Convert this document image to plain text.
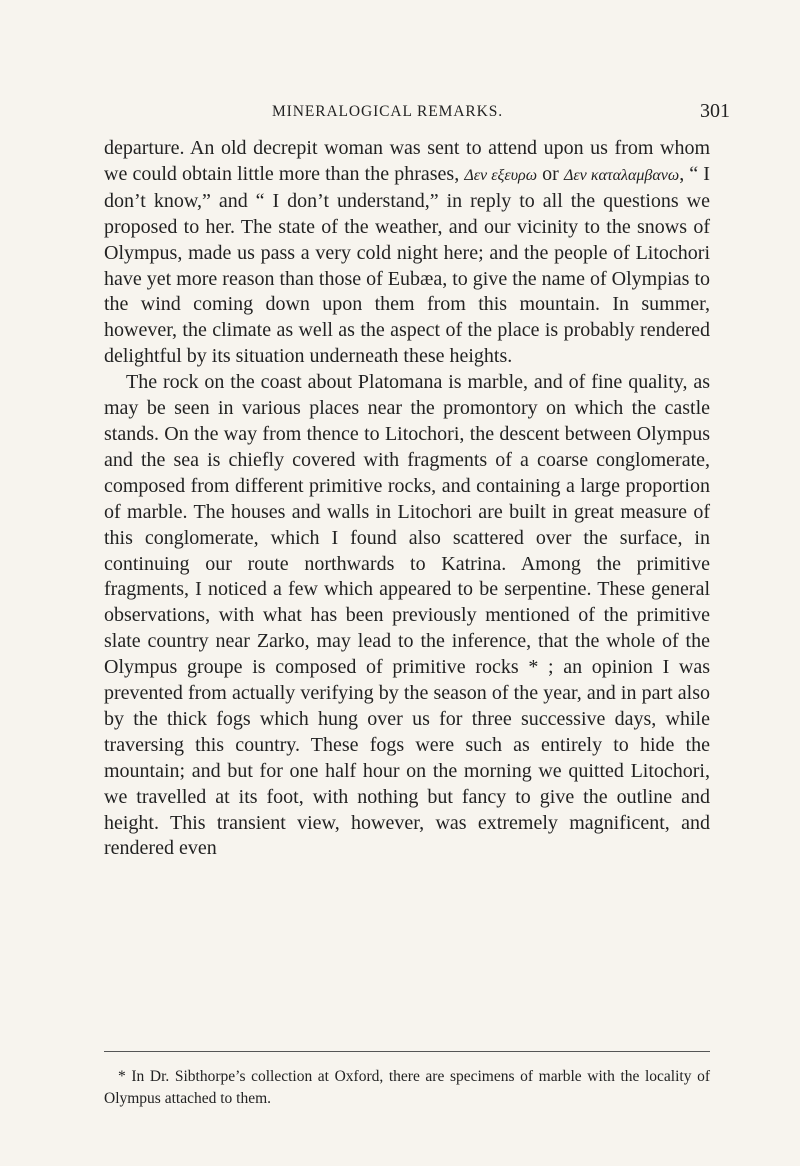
MINERALOGICAL REMARKS.	301
departure. An old decrepit woman was sent to attend upon us from whom we could obtain little more than the phrases, Δεν εξευρω or Δεν καταλαμβανω, “ I don’t know,” and “ I don’t understand,” in reply to all the questions we proposed to her. The state of the weather, and our vicinity to the snows of Olympus, made us pass a very cold night here; and the people of Litochori have yet more reason than those of Eubæa, to give the name of Olympias to the wind coming down upon them from this mountain. In summer, however, the climate as well as the aspect of the place is probably rendered delightful by its situation underneath these heights.
The rock on the coast about Platomana is marble, and of fine quality, as may be seen in various places near the promontory on which the castle stands. On the way from thence to Litochori, the descent between Olympus and the sea is chiefly covered with fragments of a coarse conglomerate, composed from different primitive rocks, and containing a large proportion of marble. The houses and walls in Litochori are built in great measure of this conglomerate, which I found also scattered over the surface, in continuing our route northwards to Katrina. Among the primitive fragments, I noticed a few which appeared to be serpentine. These general observations, with what has been previously mentioned of the primitive slate country near Zarko, may lead to the inference, that the whole of the Olympus groupe is composed of primitive rocks * ; an opinion I was prevented from actually verifying by the season of the year, and in part also by the thick fogs which hung over us for three successive days, while traversing this country. These fogs were such as entirely to hide the mountain; and but for one half hour on the morning we quitted Litochori, we travelled at its foot, with nothing but fancy to give the outline and height. This transient view, however, was extremely magnificent, and rendered even

* In Dr. Sibthorpe’s collection at Oxford, there are specimens of marble with the locality of Olympus attached to them.
